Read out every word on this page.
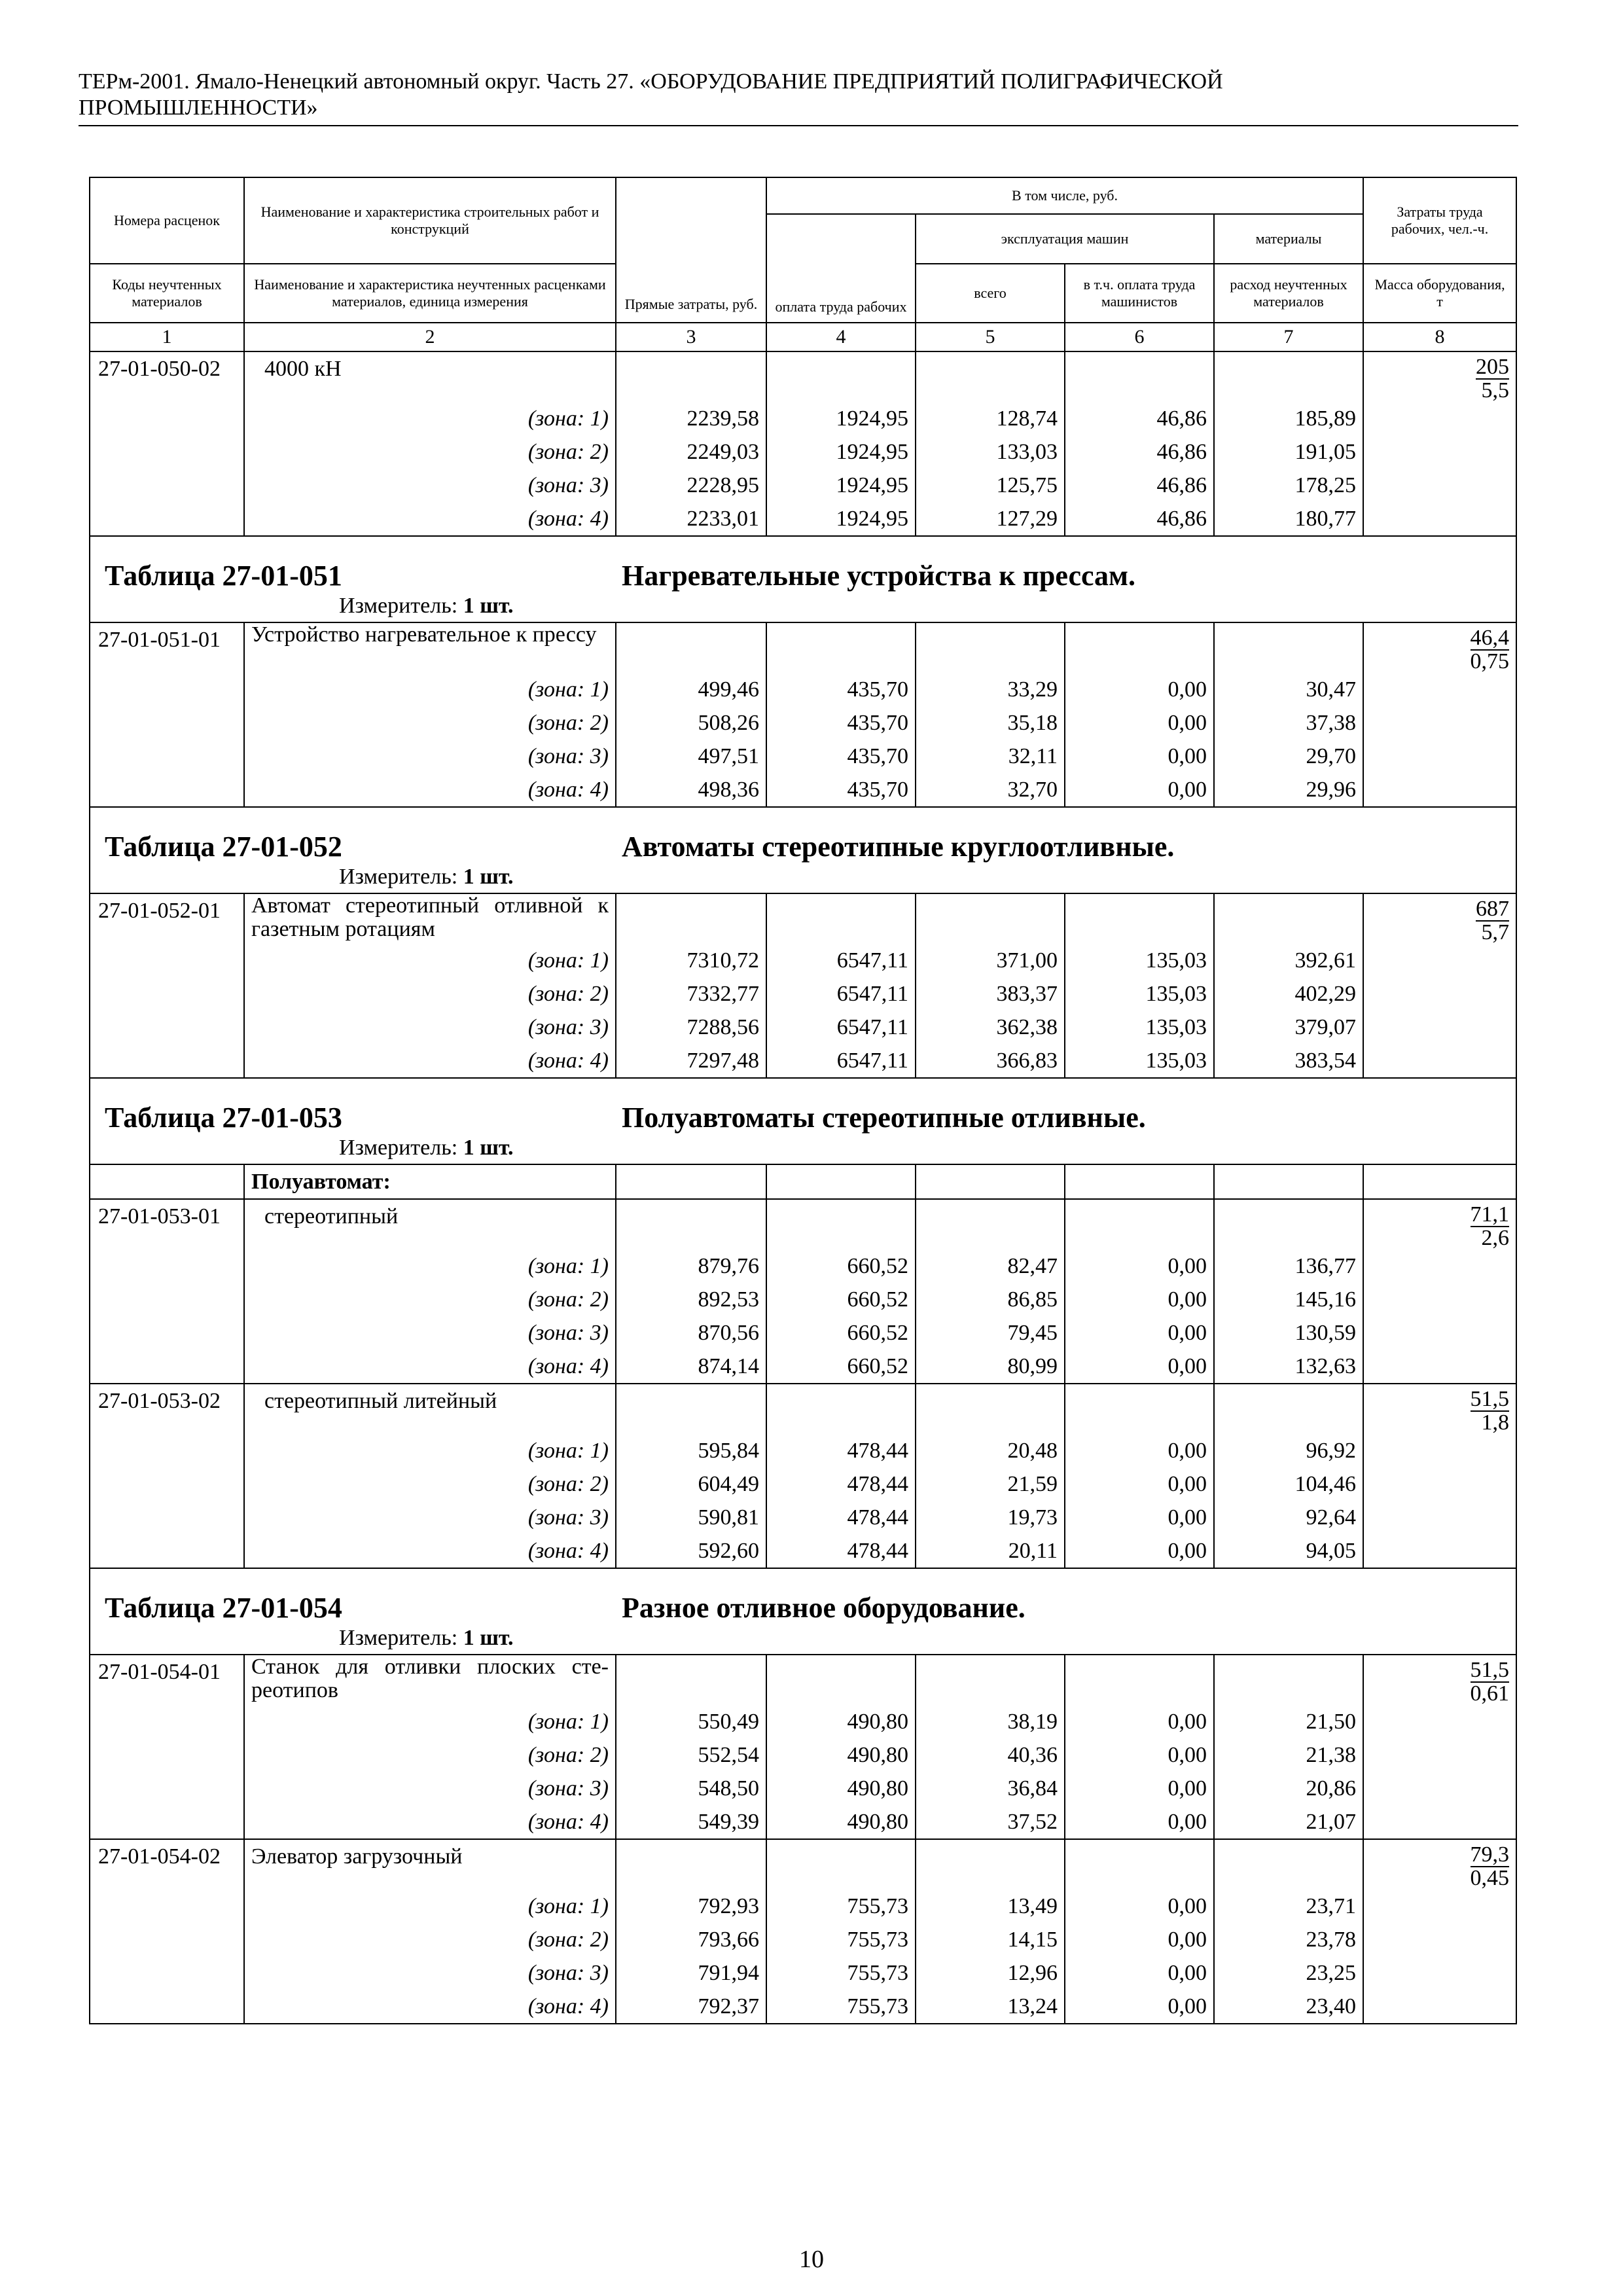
ТЕРм-2001. Ямало-Ненецкий автономный округ. Часть 27. «ОБОРУДОВАНИЕ ПРЕДПРИЯТИЙ ПОЛИГРАФИЧЕСКОЙ
ПРОМЫШЛЕННОСТИ»
Номера расценок	Наименование и характеристика строительных работ и конструкций	Прямые затраты, руб.	В том числе, руб.				Затраты труда рабочих, чел.-ч.
			оплата труда рабочих	эксплуатация машин		материалы	
Коды неучтенных материалов	Наименование и характеристика неучтенных расценками материалов, единица измерения			всего	в т.ч. оплата труда машинистов	расход неучтенных материалов	Масса оборудования, т
1	2	3	4	5	6	7	8

27-01-050-02	4000 кН						$\frac{205}{5,5}$

	(зона: 1)	2239,58	1924,95	128,74	46,86	185,89	
	(зона: 2)	2249,03	1924,95	133,03	46,86	191,05	
	(зона: 3)	2228,95	1924,95	125,75	46,86	178,25	
	(зона: 4)	2233,01	1924,95	127,29	46,86	180,77	
Таблица 27-01-051 Нагревательные устройства к прессам.							
Измеритель: 1 шт.							

27-01-051-01	Устройство нагревательное к прессу						$\frac{46,4}{0,75}$

	(зона: 1)	499,46	435,70	33,29	0,00	30,47	
	(зона: 2)	508,26	435,70	35,18	0,00	37,38	
	(зона: 3)	497,51	435,70	32,11	0,00	29,70	
	(зона: 4)	498,36	435,70	32,70	0,00	29,96	
Таблица 27-01-052 Автоматы стереотипные круглоотливные.							
Измеритель: 1 шт.							

27-01-052-01	Автомат стереотипный отливной к газетным ротациям						$\frac{687}{5,7}$

	(зона: 1)	7310,72	6547,11	371,00	135,03	392,61	
	(зона: 2)	7332,77	6547,11	383,37	135,03	402,29	
	(зона: 3)	7288,56	6547,11	362,38	135,03	379,07	
	(зона: 4)	7297,48	6547,11	366,83	135,03	383,54	
Таблица 27-01-053 Полуавтоматы стереотипные отливные.							
Измеритель: 1 шт.							

	Полуавтомат:						

27-01-053-01	стереотипный						$\frac{71,1}{2,6}$

	(зона: 1)	879,76	660,52	82,47	0,00	136,77	
	(зона: 2)	892,53	660,52	86,85	0,00	145,16	
	(зона: 3)	870,56	660,52	79,45	0,00	130,59	
	(зона: 4)	874,14	660,52	80,99	0,00	132,63	

27-01-053-02	стереотипный литейный						$\frac{51,5}{1,8}$

	(зона: 1)	595,84	478,44	20,48	0,00	96,92	
	(зона: 2)	604,49	478,44	21,59	0,00	104,46	
	(зона: 3)	590,81	478,44	19,73	0,00	92,64	
	(зона: 4)	592,60	478,44	20,11	0,00	94,05	
Таблица 27-01-054 Разное отливное оборудование.							
Измеритель: 1 шт.							

27-01-054-01	Станок для отливки плоских сте-реотипов						$\frac{51,5}{0,61}$

	(зона: 1)	550,49	490,80	38,19	0,00	21,50	
	(зона: 2)	552,54	490,80	40,36	0,00	21,38	
	(зона: 3)	548,50	490,80	36,84	0,00	20,86	
	(зона: 4)	549,39	490,80	37,52	0,00	21,07	

27-01-054-02	Элеватор загрузочный						$\frac{79,3}{0,45}$

	(зона: 1)	792,93	755,73	13,49	0,00	23,71	
	(зона: 2)	793,66	755,73	14,15	0,00	23,78	
	(зона: 3)	791,94	755,73	12,96	0,00	23,25	
	(зона: 4)	792,37	755,73	13,24	0,00	23,40	

10
